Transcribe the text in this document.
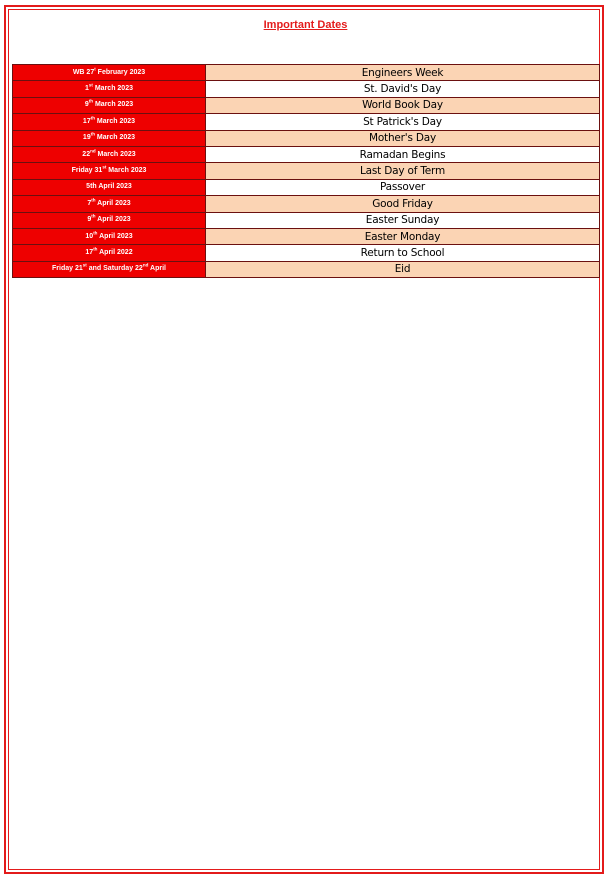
Important Dates
WB 27$^t$ February 2023	Engineers Week
1st March 2023	St. David's Day
9th March 2023	World Book Day
17th March 2023	St Patrick's Day
19th March 2023	Mother's Day
22nd March 2023	Ramadan Begins
Friday 31st March 2023	Last Day of Term
5th April 2023	Passover
7th April 2023	Good Friday
9th April 2023	Easter Sunday
10th April 2023	Easter Monday
17th April 2022	Return to School
Friday 21st and Saturday 22nd April	Eid
